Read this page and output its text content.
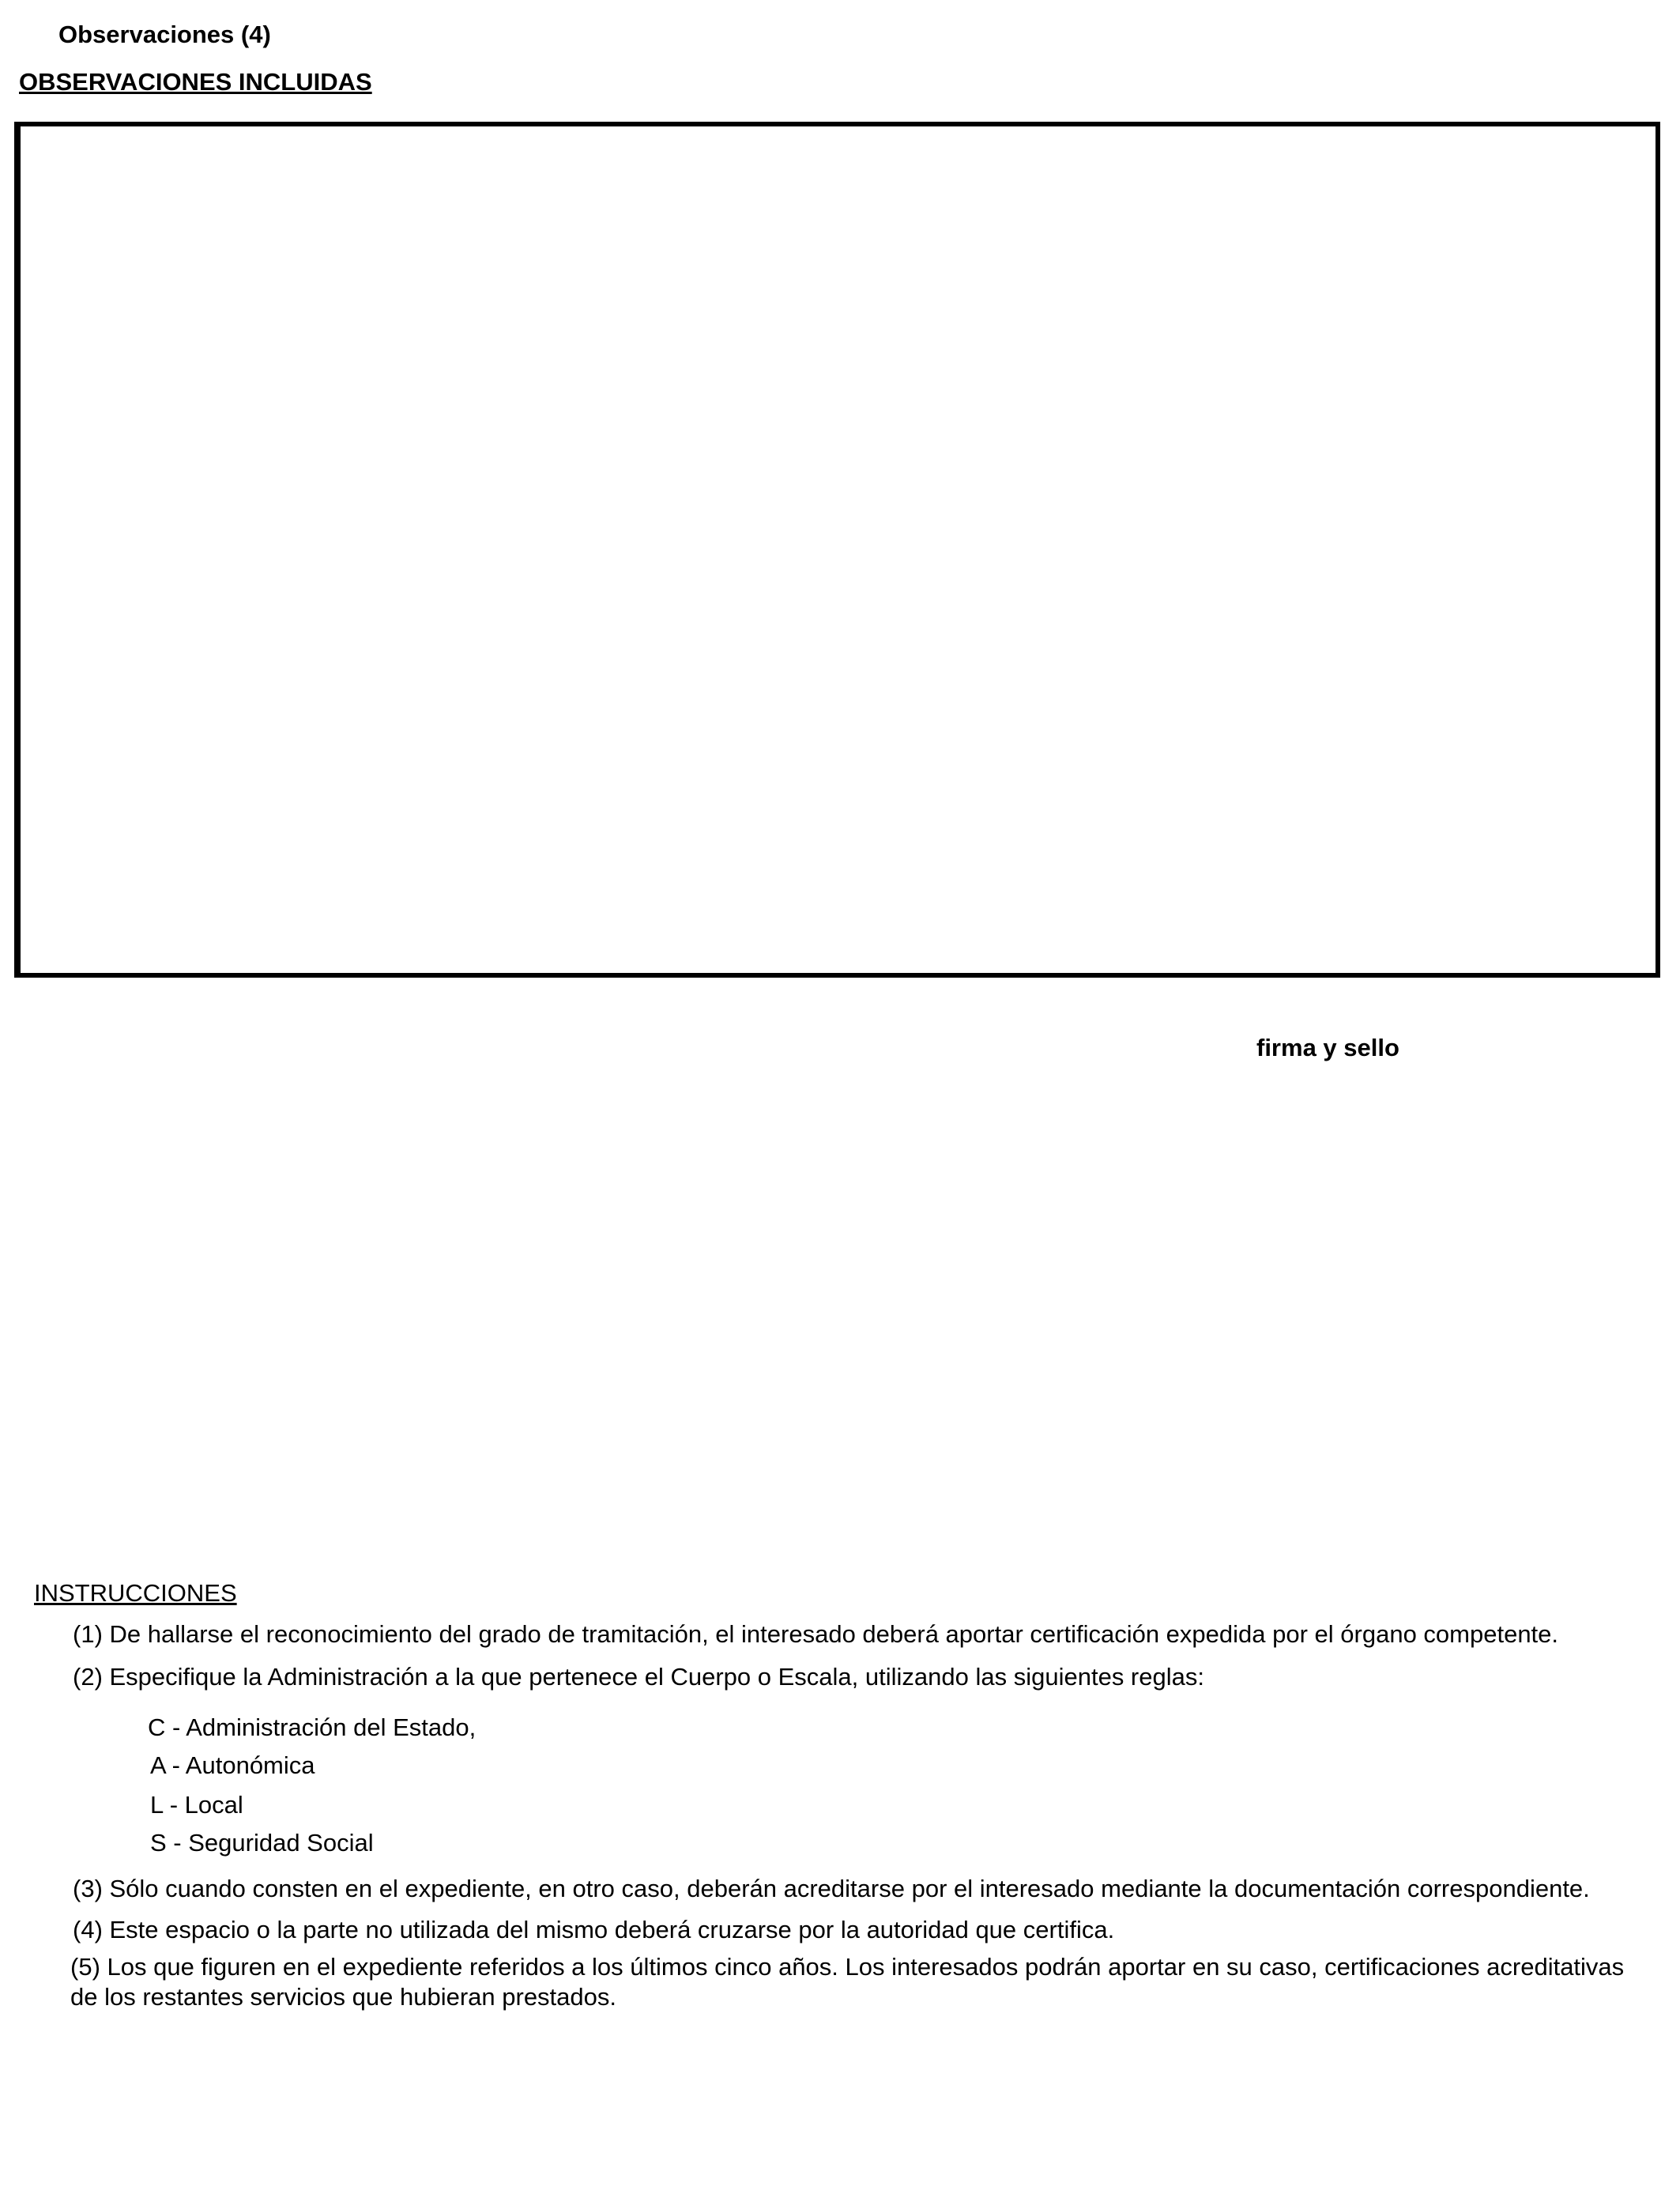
Observaciones (4)
OBSERVACIONES INCLUIDAS
firma y sello
INSTRUCCIONES
(1) De hallarse el reconocimiento del grado de tramitación, el interesado deberá aportar certificación expedida por el órgano competente.
(2) Especifique la Administración a la que pertenece el Cuerpo o Escala, utilizando las siguientes reglas:
C - Administración del Estado,
A - Autonómica
L - Local
S - Seguridad Social
(3) Sólo cuando consten en el expediente, en otro caso, deberán acreditarse por el interesado mediante la documentación correspondiente.
(4) Este espacio o la parte no utilizada del mismo deberá cruzarse por la autoridad que certifica.
(5) Los que figuren en el expediente referidos a los últimos cinco años. Los interesados podrán aportar en su caso, certificaciones acreditativas de los restantes servicios que hubieran prestados.
